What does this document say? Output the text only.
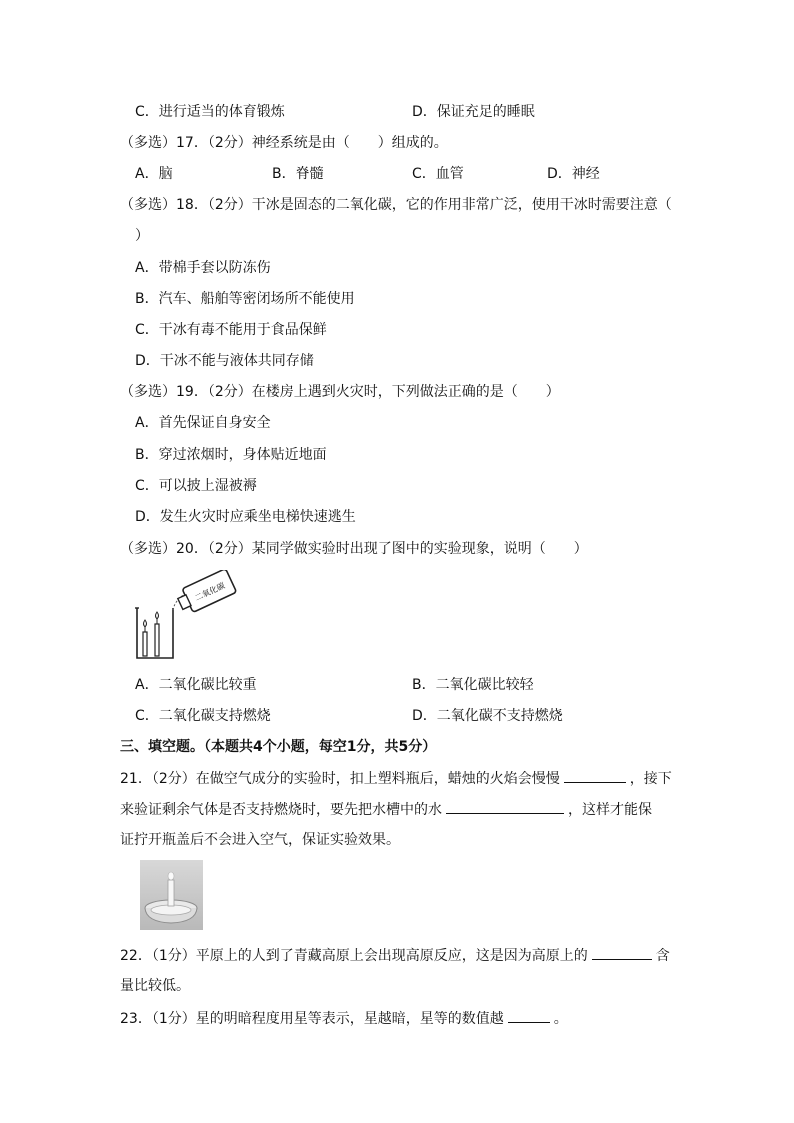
C．进行适当的体育锻炼	D．保证充足的睡眠
（多选）17．（2分）神经系统是由（　　）组成的。
A．脑	B．脊髓	C．血管	D．神经
（多选）18．（2分）干冰是固态的二氧化碳，它的作用非常广泛，使用干冰时需要注意（
）
A．带棉手套以防冻伤
B．汽车、船舶等密闭场所不能使用
C．干冰有毒不能用于食品保鲜
D．干冰不能与液体共同存储
（多选）19．（2分）在楼房上遇到火灾时，下列做法正确的是（　　）
A．首先保证自身安全
B．穿过浓烟时，身体贴近地面
C．可以披上湿被褥
D．发生火灾时应乘坐电梯快速逃生
（多选）20．（2分）某同学做实验时出现了图中的实验现象，说明（　　）
二氧化碳
A．二氧化碳比较重	B．二氧化碳比较轻
C．二氧化碳支持燃烧	D．二氧化碳不支持燃烧
三、填空题。（本题共4个小题，每空1分，共5分）
21．（2分）在做空气成分的实验时，扣上塑料瓶后，蜡烛的火焰会慢慢	，接下
来验证剩余气体是否支持燃烧时，要先把水槽中的水	，这样才能保
证拧开瓶盖后不会进入空气，保证实验效果。
22．（1分）平原上的人到了青藏高原上会出现高原反应，这是因为高原上的	含
量比较低。
23．（1分）星的明暗程度用星等表示，星越暗，星等的数值越	。
